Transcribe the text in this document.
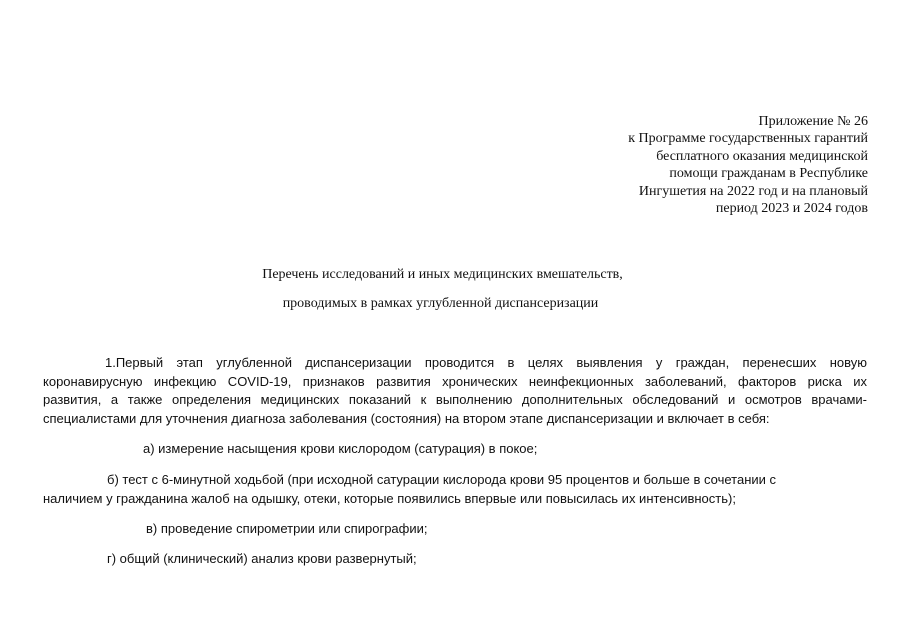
Приложение № 26
к Программе государственных гарантий
бесплатного оказания медицинской
помощи гражданам в Республике
Ингушетия на 2022 год и на плановый
период 2023 и 2024 годов
Перечень исследований и иных медицинских вмешательств,
проводимых в рамках углубленной диспансеризации
1.Первый этап углубленной диспансеризации проводится в целях выявления у граждан, перенесших новую
коронавирусную инфекцию COVID-19, признаков развития хронических неинфекционных заболеваний, факторов риска их
развития, а также определения медицинских показаний к выполнению дополнительных обследований и осмотров врачами-
специалистами для уточнения диагноза заболевания (состояния) на втором этапе диспансеризации и включает в себя:
а) измерение насыщения крови кислородом (сатурация) в покое;
б) тест с 6-минутной ходьбой (при исходной сатурации кислорода крови 95 процентов и больше в сочетании с
наличием у гражданина жалоб на одышку, отеки, которые появились впервые или повысилась их интенсивность);
в) проведение спирометрии или спирографии;
г) общий (клинический) анализ крови развернутый;
